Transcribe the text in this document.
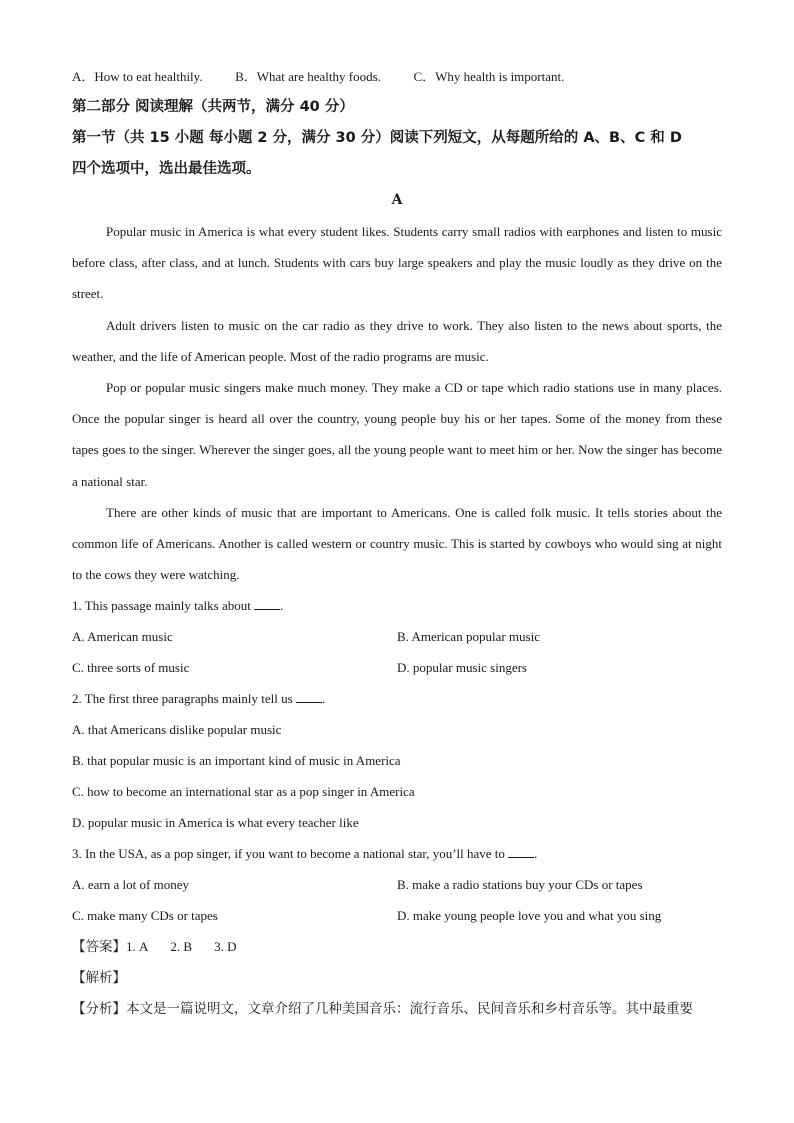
A．How to eat healthily.	B．What are healthy foods.	C．Why health is important.
第二部分 阅读理解（共两节，满分 40 分）
第一节（共 15 小题 每小题 2 分，满分 30 分）阅读下列短文，从每题所给的 A、B、C 和 D
四个选项中，选出最佳选项。
A
Popular music in America is what every student likes. Students carry small radios with earphones and listen to music before class, after class, and at lunch. Students with cars buy large speakers and play the music loudly as they drive on the street.
Adult drivers listen to music on the car radio as they drive to work. They also listen to the news about sports, the weather, and the life of American people. Most of the radio programs are music.
Pop or popular music singers make much money. They make a CD or tape which radio stations use in many places. Once the popular singer is heard all over the country, young people buy his or her tapes. Some of the money from these tapes goes to the singer. Wherever the singer goes, all the young people want to meet him or her. Now the singer has become a national star.
There are other kinds of music that are important to Americans. One is called folk music. It tells stories about the common life of Americans. Another is called western or country music. This is started by cowboys who would sing at night to the cows they were watching.
1. This passage mainly talks about .
A. American music	B. American popular music
C. three sorts of music	D. popular music singers
2. The first three paragraphs mainly tell us .
A. that Americans dislike popular music
B. that popular music is an important kind of music in America
C. how to become an international star as a pop singer in America
D. popular music in America is what every teacher like
3. In the USA, as a pop singer, if you want to become a national star, you’ll have to .
A. earn a lot of money	B. make a radio stations buy your CDs or tapes
C. make many CDs or tapes	D. make young people love you and what you sing
【答案】1. A 2. B 3. D
【解析】
【分析】本文是一篇说明文，文章介绍了几种美国音乐：流行音乐、民间音乐和乡村音乐等。其中最重要
